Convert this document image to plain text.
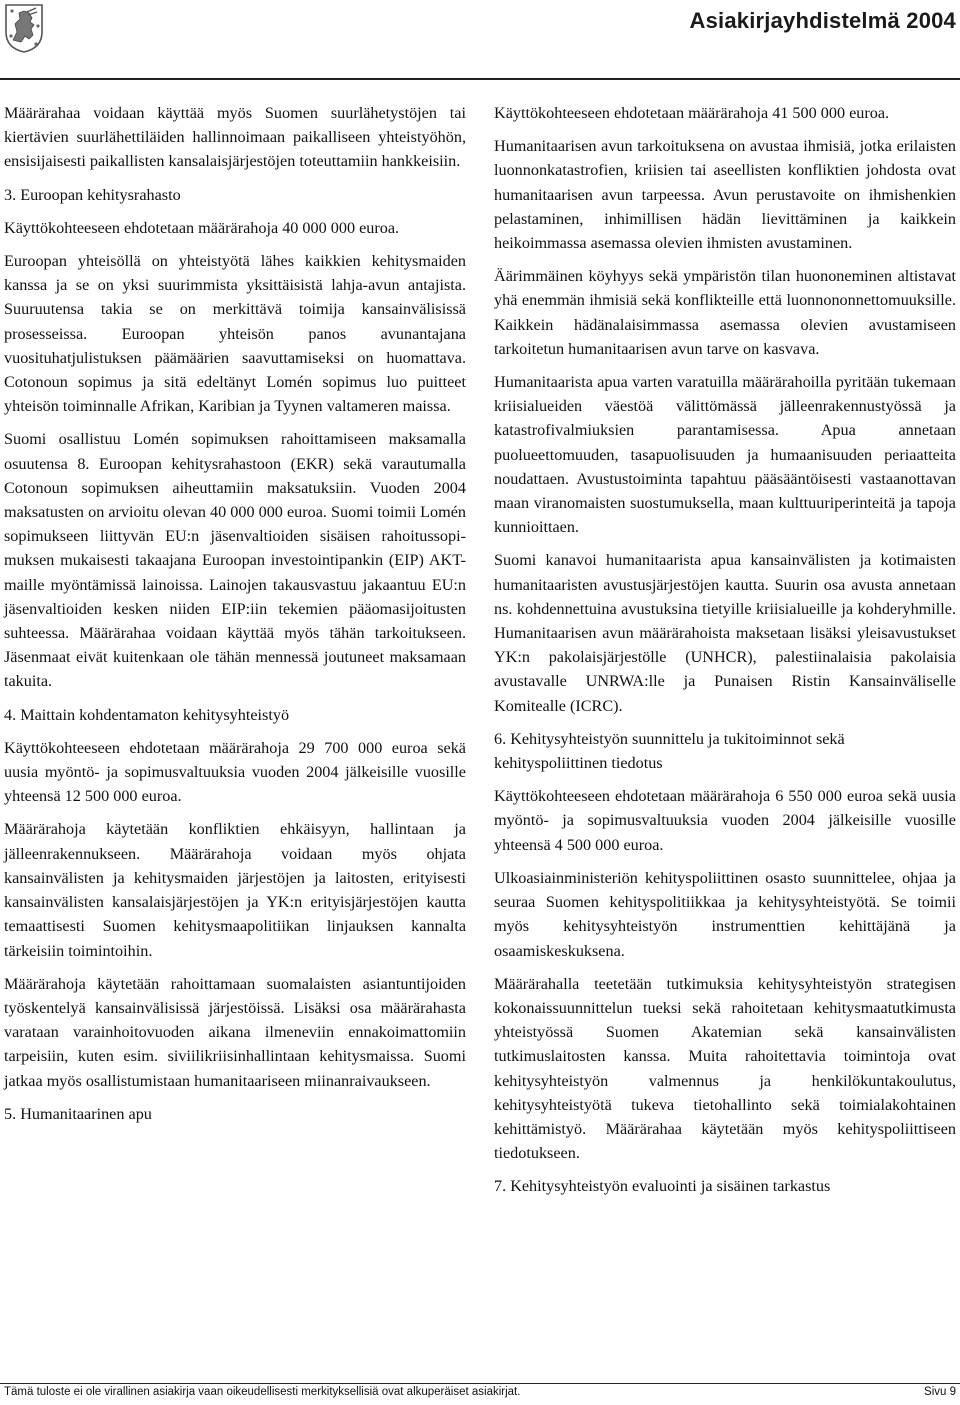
Asiakirjayhdistelmä 2004

Määrärahaa voidaan käyttää myös Suomen suurlähetystöjen tai kiertävien suurlähettiläiden hallinnoimaan paikalliseen yhteistyöhön, ensisijaisesti paikallisten kansalaisjärjestöjen toteuttamiin hankkeisiin.

3. Euroopan kehitysrahasto

Käyttökohteeseen ehdotetaan määrärahoja 40 000 000 euroa.

Euroopan yhteisöllä on yhteistyötä lähes kaikkien kehitysmaiden kanssa ja se on yksi suurimmista yksittäisistä lahja-avun antajista. Suuruutensa takia se on merkittävä toimija kansainvälisissä prosesseissa. Euroopan yhteisön panos avunantajana vuosituhatjulistuksen päämäärien saavuttamiseksi on huomattava. Cotonoun sopimus ja sitä edeltänyt Lomén sopimus luo puitteet yhteisön toiminnalle Afrikan, Karibian ja Tyynen valtameren maissa.

Suomi osallistuu Lomén sopimuksen rahoittamiseen maksamalla osuutensa 8. Euroopan kehitysrahastoon (EKR) sekä varautumalla Cotonoun sopimuksen aiheuttamiin maksatuksiin. Vuoden 2004 maksatusten on arvioitu olevan 40 000 000 euroa. Suomi toimii Lomén sopimukseen liittyvän EU:n jäsenvaltioiden sisäisen rahoitussopimuksen mukaisesti takaajana Euroopan investointipankin (EIP) AKT-maille myöntämissä lainoissa. Lainojen takausvastuu jakaantuu EU:n jäsenvaltioiden kesken niiden EIP:iin tekemien pääomasijoitusten suhteessa. Määrärahaa voidaan käyttää myös tähän tarkoitukseen. Jäsenmaat eivät kuitenkaan ole tähän mennessä joutuneet maksamaan takuita.

4. Maittain kohdentamaton kehitysyhteistyö

Käyttökohteeseen ehdotetaan määrärahoja 29 700 000 euroa sekä uusia myöntö- ja sopimusvaltuuksia vuoden 2004 jälkeisille vuosille yhteensä 12 500 000 euroa.

Määrärahoja käytetään konfliktien ehkäisyyn, hallintaan ja jälleenrakennukseen. Määrärahoja voidaan myös ohjata kansainvälisten ja kehitysmaiden järjestöjen ja laitosten, erityisesti kansainvälisten kansalaisjärjestöjen ja YK:n erityisjärjestöjen kautta temaattisesti Suomen kehitysmaapolitiikan linjauksen kannalta tärkeisiin toimintoihin.

Määrärahoja käytetään rahoittamaan suomalaisten asiantuntijoiden työskentelyä kansainvälisissä järjestöissä. Lisäksi osa määrärahasta varataan varainhoitovuoden aikana ilmeneviin ennakoimattomiin tarpeisiin, kuten esim. siviilikriisinhallintaan kehitysmaissa. Suomi jatkaa myös osallistumistaan humanitaariseen miinanraivaukseen.

5. Humanitaarinen apu

Käyttökohteeseen ehdotetaan määrärahoja 41 500 000 euroa.

Humanitaarisen avun tarkoituksena on avustaa ihmisiä, jotka erilaisten luonnonkatastrofien, kriisien tai aseellisten konfliktien johdosta ovat humanitaarisen avun tarpeessa. Avun perustavoite on ihmishenkien pelastaminen, inhimillisen hädän lievittäminen ja kaikkein heikoimmassa asemassa olevien ihmisten avustaminen.

Äärimmäinen köyhyys sekä ympäristön tilan huononeminen altistavat yhä enemmän ihmisiä sekä konflikteille että luonnononnettomuuksille. Kaikkein hädänalaisimmassa asemassa olevien avustamiseen tarkoitetun humanitaarisen avun tarve on kasvava.

Humanitaarista apua varten varatuilla määrärahoilla pyritään tukemaan kriisialueiden väestöä välittömässä jälleenrakennustyössä ja katastrofivalmiuksien parantamisessa. Apua annetaan puolueettomuuden, tasapuolisuuden ja humaanisuuden periaatteita noudattaen. Avustustoiminta tapahtuu pääsääntöisesti vastaanottavan maan viranomaisten suostumuksella, maan kulttuuriperinteitä ja tapoja kunnioittaen.

Suomi kanavoi humanitaarista apua kansainvälisten ja kotimaisten humanitaaristen avustusjärjestöjen kautta. Suurin osa avusta annetaan ns. kohdennettuina avustuksina tietyille kriisialueille ja kohderyhmille. Humanitaarisen avun määrärahoista maksetaan lisäksi yleisavustukset YK:n pakolaisjärjestölle (UNHCR), palestiinalaisia pakolaisia avustavalle UNRWA:lle ja Punaisen Ristin Kansainväliselle Komitealle (ICRC).

6. Kehitysyhteistyön suunnittelu ja tukitoiminnot sekä kehityspoliittinen tiedotus

Käyttökohteeseen ehdotetaan määrärahoja 6 550 000 euroa sekä uusia myöntö- ja sopimusvaltuuksia vuoden 2004 jälkeisille vuosille yhteensä 4 500 000 euroa.

Ulkoasiainministeriön kehityspoliittinen osasto suunnittelee, ohjaa ja seuraa Suomen kehityspolitiikkaa ja kehitysyhteistyötä. Se toimii myös kehitysyhteistyön instrumenttien kehittäjänä ja osaamiskeskuksena.

Määrärahalla teetetään tutkimuksia kehitysyhteistyön strategisen kokonaissuunnittelun tueksi sekä rahoitetaan kehitysmaatutkimusta yhteistyössä Suomen Akatemian sekä kansainvälisten tutkimuslaitosten kanssa. Muita rahoitettavia toimintoja ovat kehitysyhteistyön valmennus ja henkilökuntakoulutus, kehitysyhteistyötä tukeva tietohallinto sekä toimialakohtainen kehittämistyö. Määrärahaa käytetään myös kehityspoliittiseen tiedotukseen.

7. Kehitysyhteistyön evaluointi ja sisäinen tarkastus

Tämä tuloste ei ole virallinen asiakirja vaan oikeudellisesti merkityksellisiä ovat alkuperäiset asiakirjat.	Sivu 9
